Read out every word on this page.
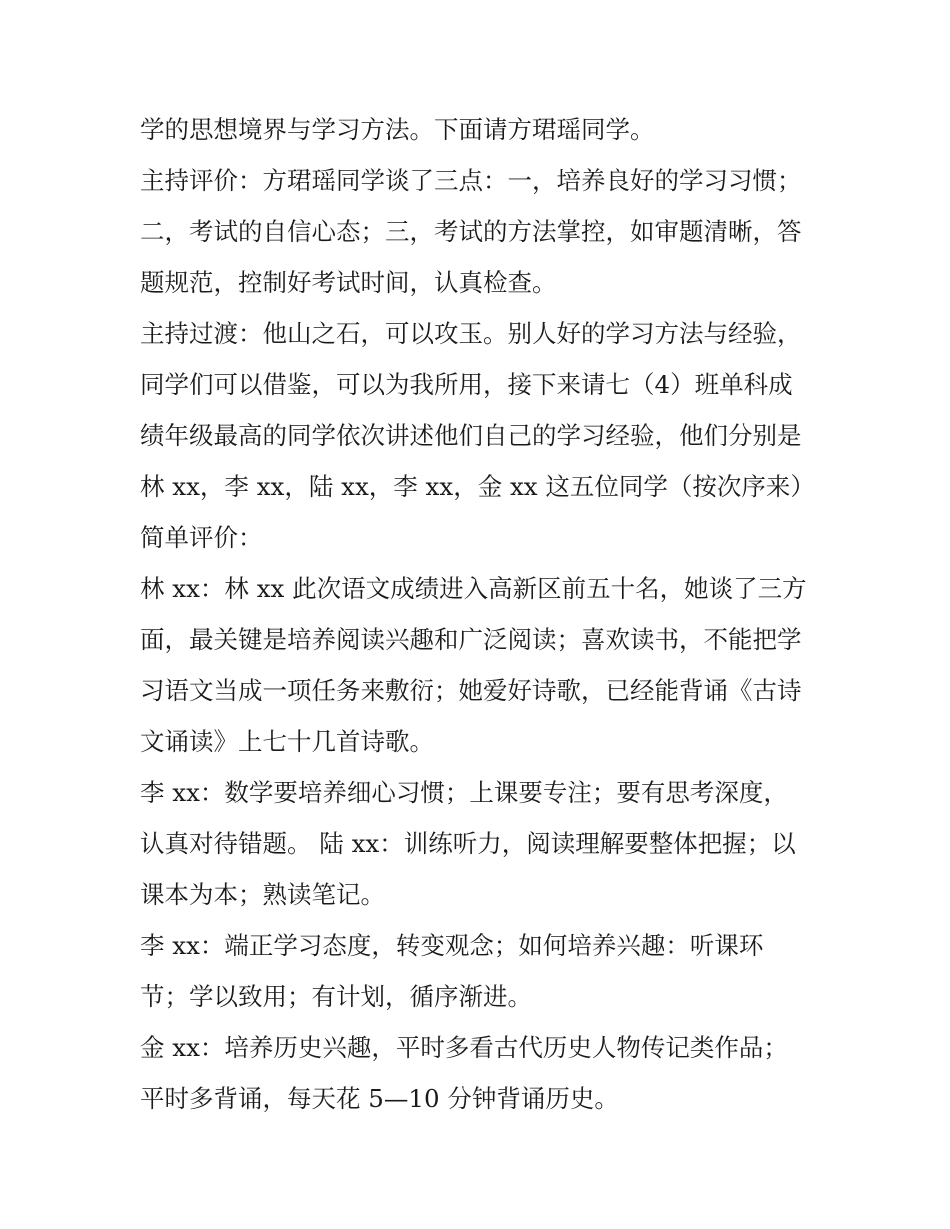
学的思想境界与学习方法。下面请方珺瑶同学。
主持评价：方珺瑶同学谈了三点：一，培养良好的学习习惯；
二，考试的自信心态；三，考试的方法掌控，如审题清晰，答
题规范，控制好考试时间，认真检查。
主持过渡：他山之石，可以攻玉。别人好的学习方法与经验，
同学们可以借鉴，可以为我所用，接下来请七（4）班单科成
绩年级最高的同学依次讲述他们自己的学习经验，他们分别是
林 xx，李 xx，陆 xx，李 xx，金 xx 这五位同学（按次序来）
简单评价：
林 xx：林 xx 此次语文成绩进入高新区前五十名，她谈了三方
面，最关键是培养阅读兴趣和广泛阅读；喜欢读书，不能把学
习语文当成一项任务来敷衍；她爱好诗歌，已经能背诵《古诗
文诵读》上七十几首诗歌。
李 xx：数学要培养细心习惯；上课要专注；要有思考深度，
认真对待错题。 陆 xx：训练听力，阅读理解要整体把握；以
课本为本；熟读笔记。
李 xx：端正学习态度，转变观念；如何培养兴趣：听课环
节；学以致用；有计划，循序渐进。
金 xx：培养历史兴趣，平时多看古代历史人物传记类作品；
平时多背诵，每天花 5—10 分钟背诵历史。
